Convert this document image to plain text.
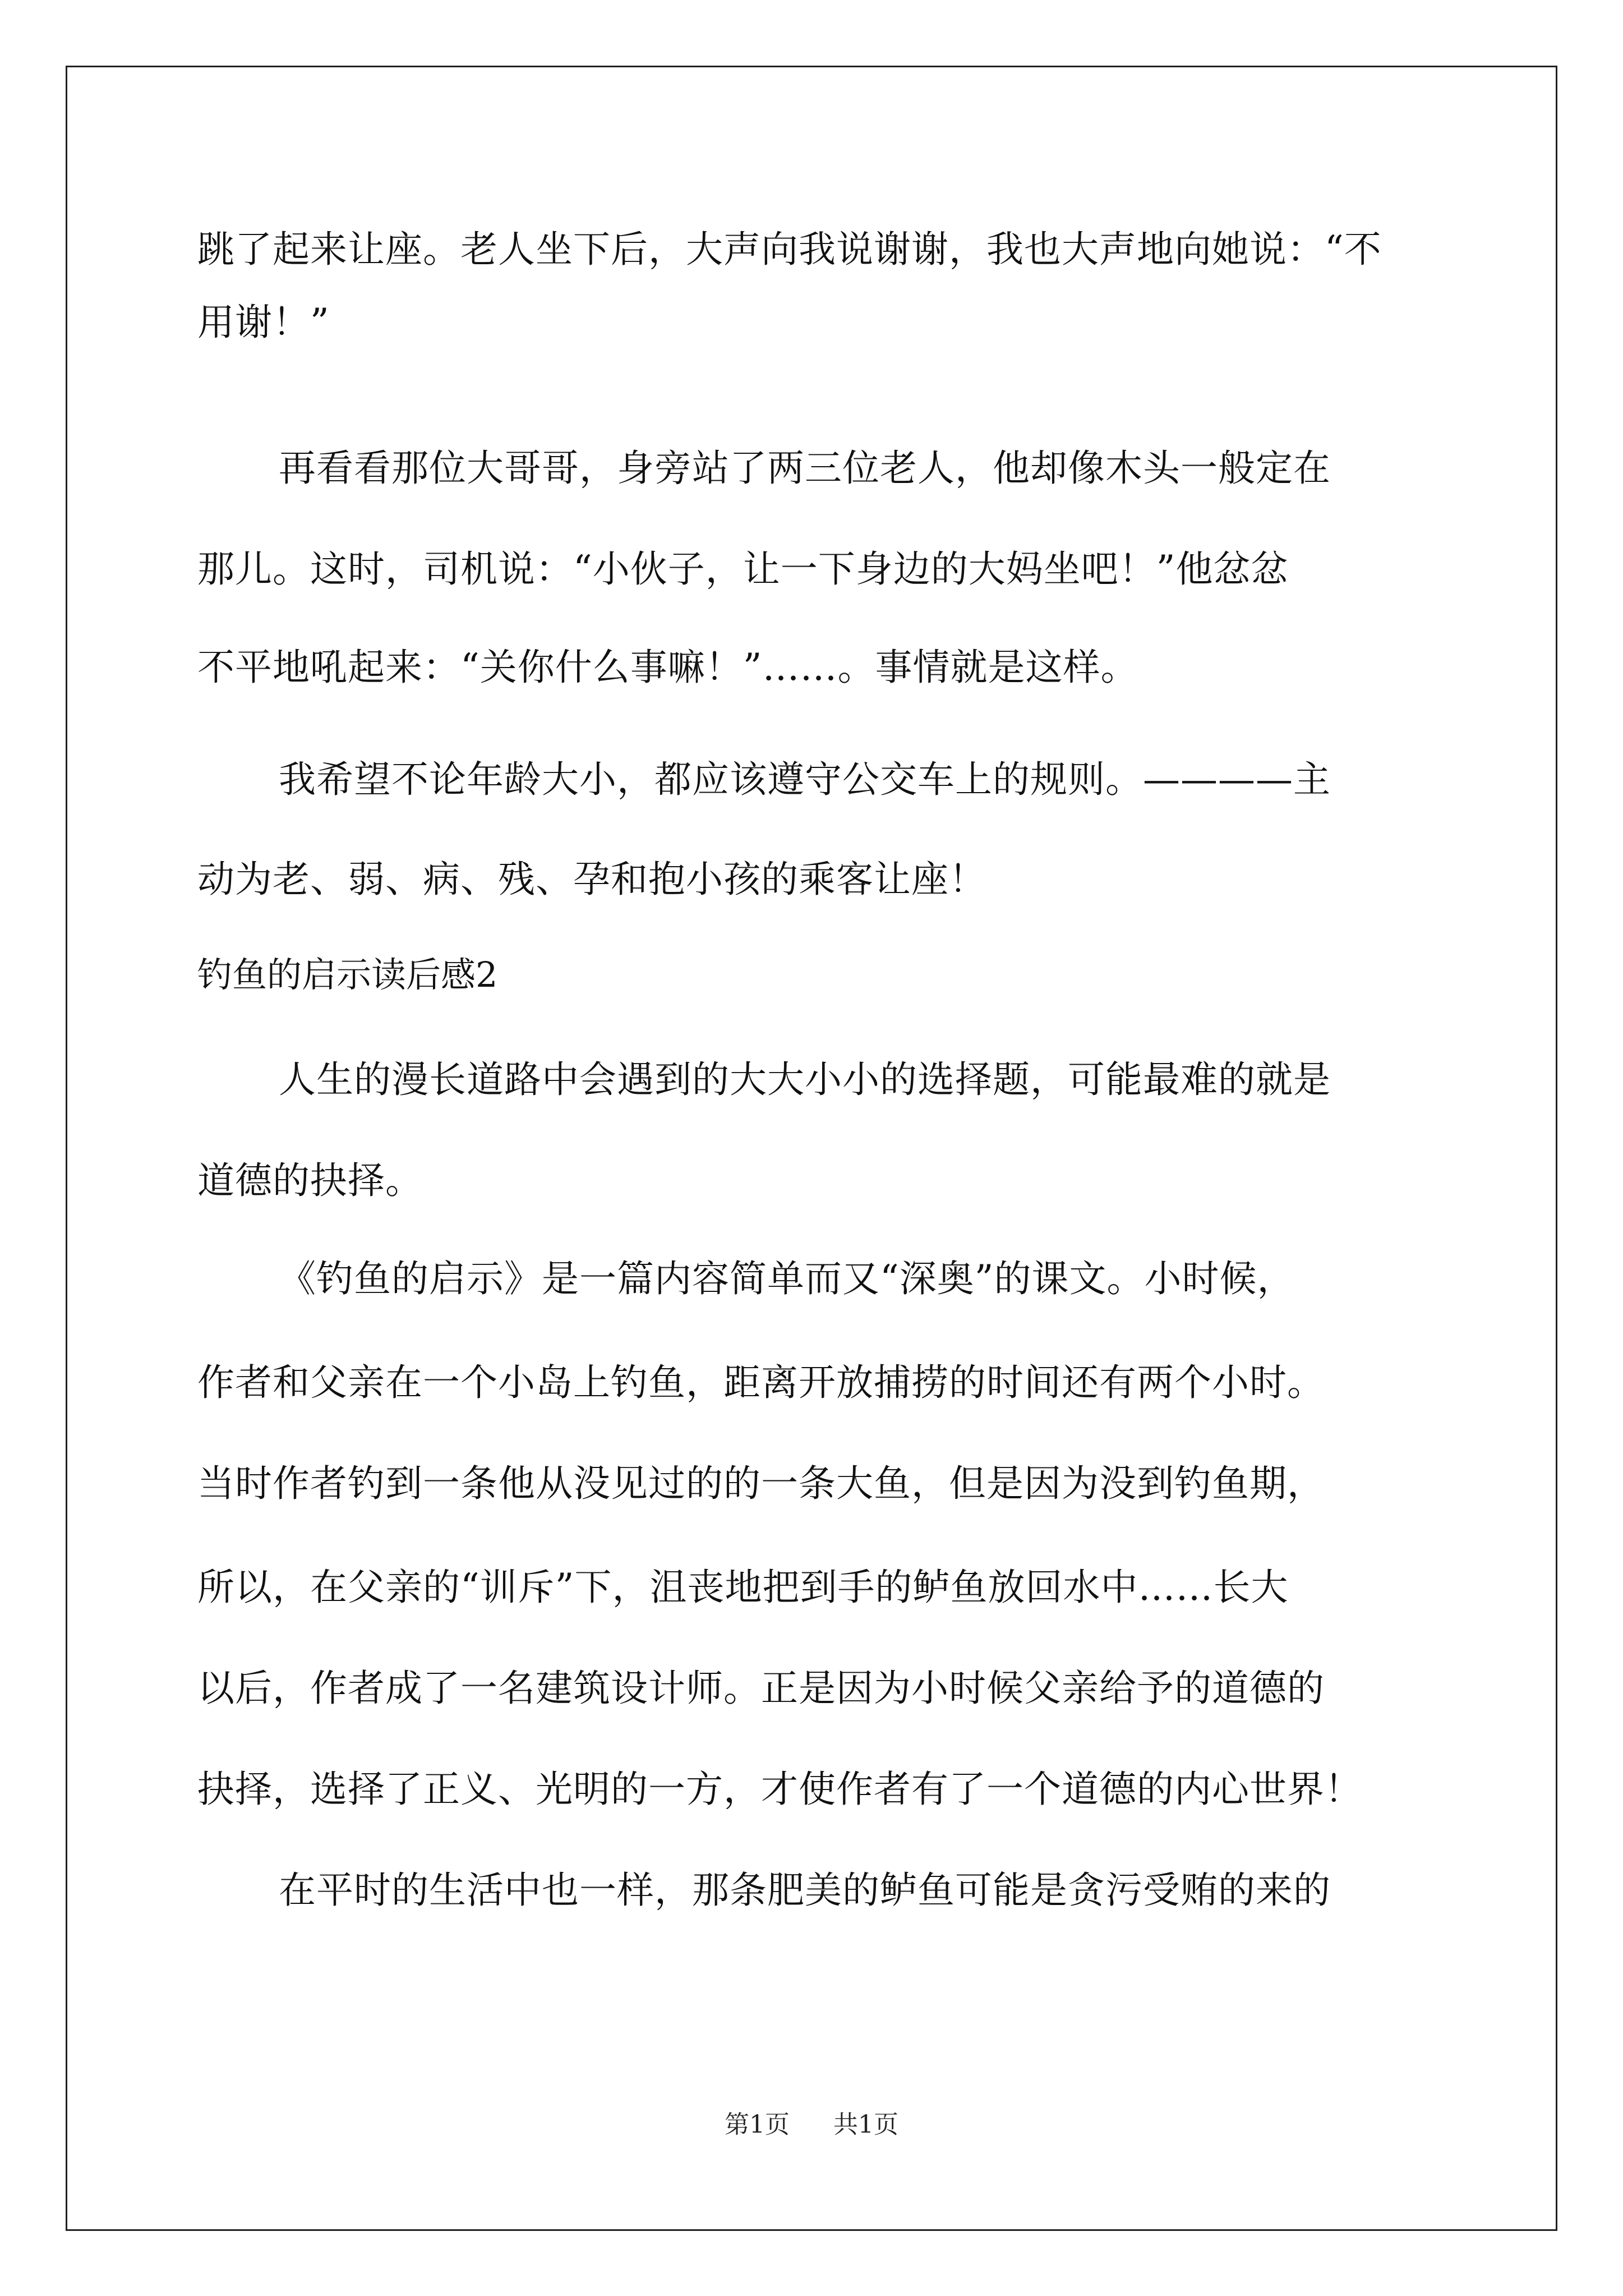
跳了起来让座。老人坐下后，大声向我说谢谢，我也大声地向她说：“不
用谢！”
再看看那位大哥哥，身旁站了两三位老人，他却像木头一般定在
那儿。这时，司机说：“小伙子，让一下身边的大妈坐吧！”他忿忿
不平地吼起来：“关你什么事嘛！”……。事情就是这样。
我希望不论年龄大小，都应该遵守公交车上的规则。————主
动为老、弱、病、残、孕和抱小孩的乘客让座！
钓鱼的启示读后感2
人生的漫长道路中会遇到的大大小小的选择题，可能最难的就是
道德的抉择。
《钓鱼的启示》是一篇内容简单而又“深奥”的课文。小时候，
作者和父亲在一个小岛上钓鱼，距离开放捕捞的时间还有两个小时。
当时作者钓到一条他从没见过的的一条大鱼，但是因为没到钓鱼期，
所以，在父亲的“训斥”下，沮丧地把到手的鲈鱼放回水中……长大
以后，作者成了一名建筑设计师。正是因为小时候父亲给予的道德的
抉择，选择了正义、光明的一方，才使作者有了一个道德的内心世界！
在平时的生活中也一样，那条肥美的鲈鱼可能是贪污受贿的来的
第1页 共1页
